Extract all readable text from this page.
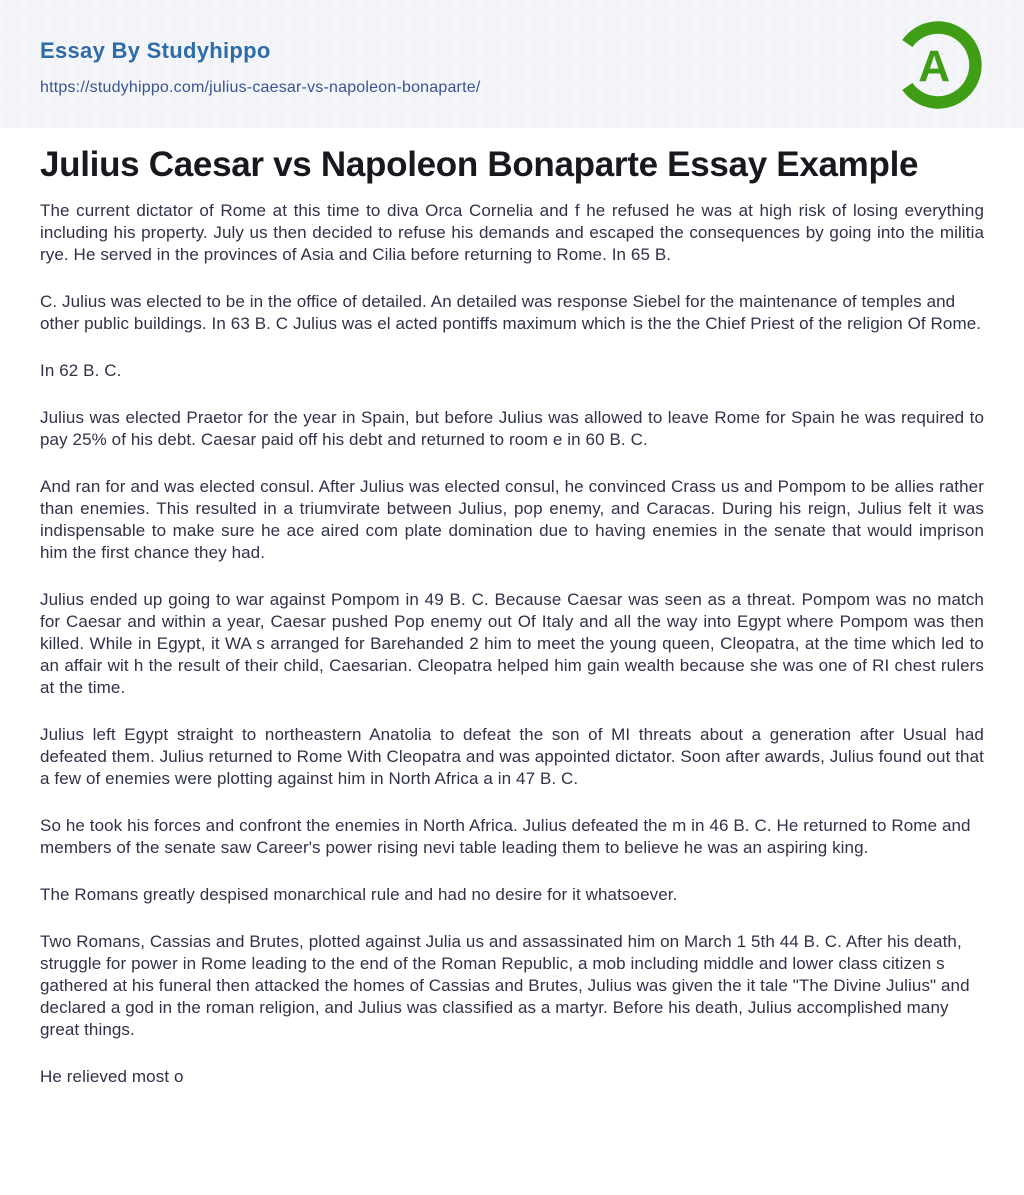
Essay By Studyhippo
https://studyhippo.com/julius-caesar-vs-napoleon-bonaparte/	A
Julius Caesar vs Napoleon Bonaparte Essay Example

The current dictator of Rome at this time to diva Orca Cornelia and f he refused he was at high risk of losing everything including his property. July us then decided to refuse his demands and escaped the consequences by going into the militia rye. He served in the provinces of Asia and Cilia before returning to Rome. In 65 B.

C. Julius was elected to be in the office of detailed. An detailed was response Siebel for the maintenance of temples and other public buildings. In 63 B. C Julius was el acted pontiffs maximum which is the the Chief Priest of the religion Of Rome.

In 62 B. C.

Julius was elected Praetor for the year in Spain, but before Julius was allowed to leave Rome for Spain he was required to pay 25% of his debt. Caesar paid off his debt and returned to room e in 60 B. C.

And ran for and was elected consul. After Julius was elected consul, he convinced Crass us and Pompom to be allies rather than enemies. This resulted in a triumvirate between Julius, pop enemy, and Caracas. During his reign, Julius felt it was indispensable to make sure he ace aired com plate domination due to having enemies in the senate that would imprison him the first chance they had.

Julius ended up going to war against Pompom in 49 B. C. Because Caesar was seen as a threat. Pompom was no match for Caesar and within a year, Caesar pushed Pop enemy out Of Italy and all the way into Egypt where Pompom was then killed. While in Egypt, it WA s arranged for Barehanded 2 him to meet the young queen, Cleopatra, at the time which led to an affair wit h the result of their child, Caesarian. Cleopatra helped him gain wealth because she was one of RI chest rulers at the time.

Julius left Egypt straight to northeastern Anatolia to defeat the son of MI threats about a generation after Usual had defeated them. Julius returned to Rome With Cleopatra and was appointed dictator. Soon after awards, Julius found out that a few of enemies were plotting against him in North Africa a in 47 B. C.

So he took his forces and confront the enemies in North Africa. Julius defeated the m in 46 B. C. He returned to Rome and members of the senate saw Career's power rising nevi table leading them to believe he was an aspiring king.

The Romans greatly despised monarchical rule and had no desire for it whatsoever.

Two Romans, Cassias and Brutes, plotted against Julia us and assassinated him on March 1 5th 44 B. C. After his death, struggle for power in Rome leading to the end of the Roman Republic, a mob including middle and lower class citizen s gathered at his funeral then attacked the homes of Cassias and Brutes, Julius was given the it tale "The Divine Julius" and declared a god in the roman religion, and Julius was classified as a martyr. Before his death, Julius accomplished many great things.

He relieved most o
